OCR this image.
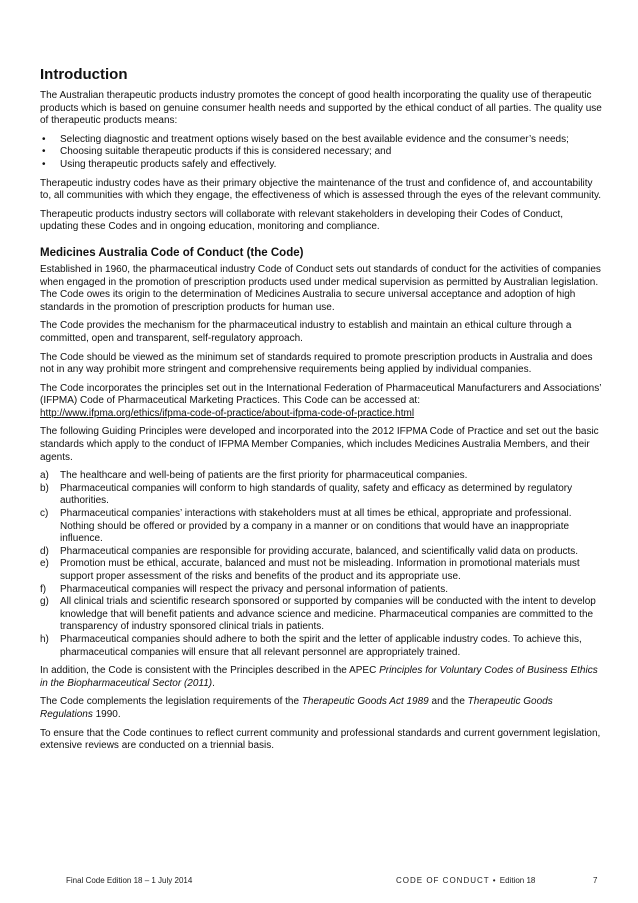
Introduction

The Australian therapeutic products industry promotes the concept of good health incorporating the quality use of therapeutic products which is based on genuine consumer health needs and supported by the ethical conduct of all parties. The quality use of therapeutic products means:

• Selecting diagnostic and treatment options wisely based on the best available evidence and the consumer’s needs;
• Choosing suitable therapeutic products if this is considered necessary; and
• Using therapeutic products safely and effectively.

Therapeutic industry codes have as their primary objective the maintenance of the trust and confidence of, and accountability to, all communities with which they engage, the effectiveness of which is assessed through the eyes of the relevant community.

Therapeutic products industry sectors will collaborate with relevant stakeholders in developing their Codes of Conduct, updating these Codes and in ongoing education, monitoring and compliance.

Medicines Australia Code of Conduct (the Code)

Established in 1960, the pharmaceutical industry Code of Conduct sets out standards of conduct for the activities of companies when engaged in the promotion of prescription products used under medical supervision as permitted by Australian legislation. The Code owes its origin to the determination of Medicines Australia to secure universal acceptance and adoption of high standards in the promotion of prescription products for human use.

The Code provides the mechanism for the pharmaceutical industry to establish and maintain an ethical culture through a committed, open and transparent, self-regulatory approach.

The Code should be viewed as the minimum set of standards required to promote prescription products in Australia and does not in any way prohibit more stringent and comprehensive requirements being applied by individual companies.

The Code incorporates the principles set out in the International Federation of Pharmaceutical Manufacturers and Associations’ (IFPMA) Code of Pharmaceutical Marketing Practices. This Code can be accessed at:
http://www.ifpma.org/ethics/ifpma-code-of-practice/about-ifpma-code-of-practice.html

The following Guiding Principles were developed and incorporated into the 2012 IFPMA Code of Practice and set out the basic standards which apply to the conduct of IFPMA Member Companies, which includes Medicines Australia Members, and their agents.

a) The healthcare and well-being of patients are the first priority for pharmaceutical companies.
b) Pharmaceutical companies will conform to high standards of quality, safety and efficacy as determined by regulatory authorities.
c) Pharmaceutical companies’ interactions with stakeholders must at all times be ethical, appropriate and professional. Nothing should be offered or provided by a company in a manner or on conditions that would have an inappropriate influence.
d) Pharmaceutical companies are responsible for providing accurate, balanced, and scientifically valid data on products.
e) Promotion must be ethical, accurate, balanced and must not be misleading. Information in promotional materials must support proper assessment of the risks and benefits of the product and its appropriate use.
f) Pharmaceutical companies will respect the privacy and personal information of patients.
g) All clinical trials and scientific research sponsored or supported by companies will be conducted with the intent to develop knowledge that will benefit patients and advance science and medicine. Pharmaceutical companies are committed to the transparency of industry sponsored clinical trials in patients.
h) Pharmaceutical companies should adhere to both the spirit and the letter of applicable industry codes. To achieve this, pharmaceutical companies will ensure that all relevant personnel are appropriately trained.

In addition, the Code is consistent with the Principles described in the APEC Principles for Voluntary Codes of Business Ethics in the Biopharmaceutical Sector (2011).

The Code complements the legislation requirements of the Therapeutic Goods Act 1989 and the Therapeutic Goods Regulations 1990.

To ensure that the Code continues to reflect current community and professional standards and current government legislation, extensive reviews are conducted on a triennial basis.

Final Code Edition 18 – 1 July 2014	CODE OF CONDUCT • Edition 18	7
